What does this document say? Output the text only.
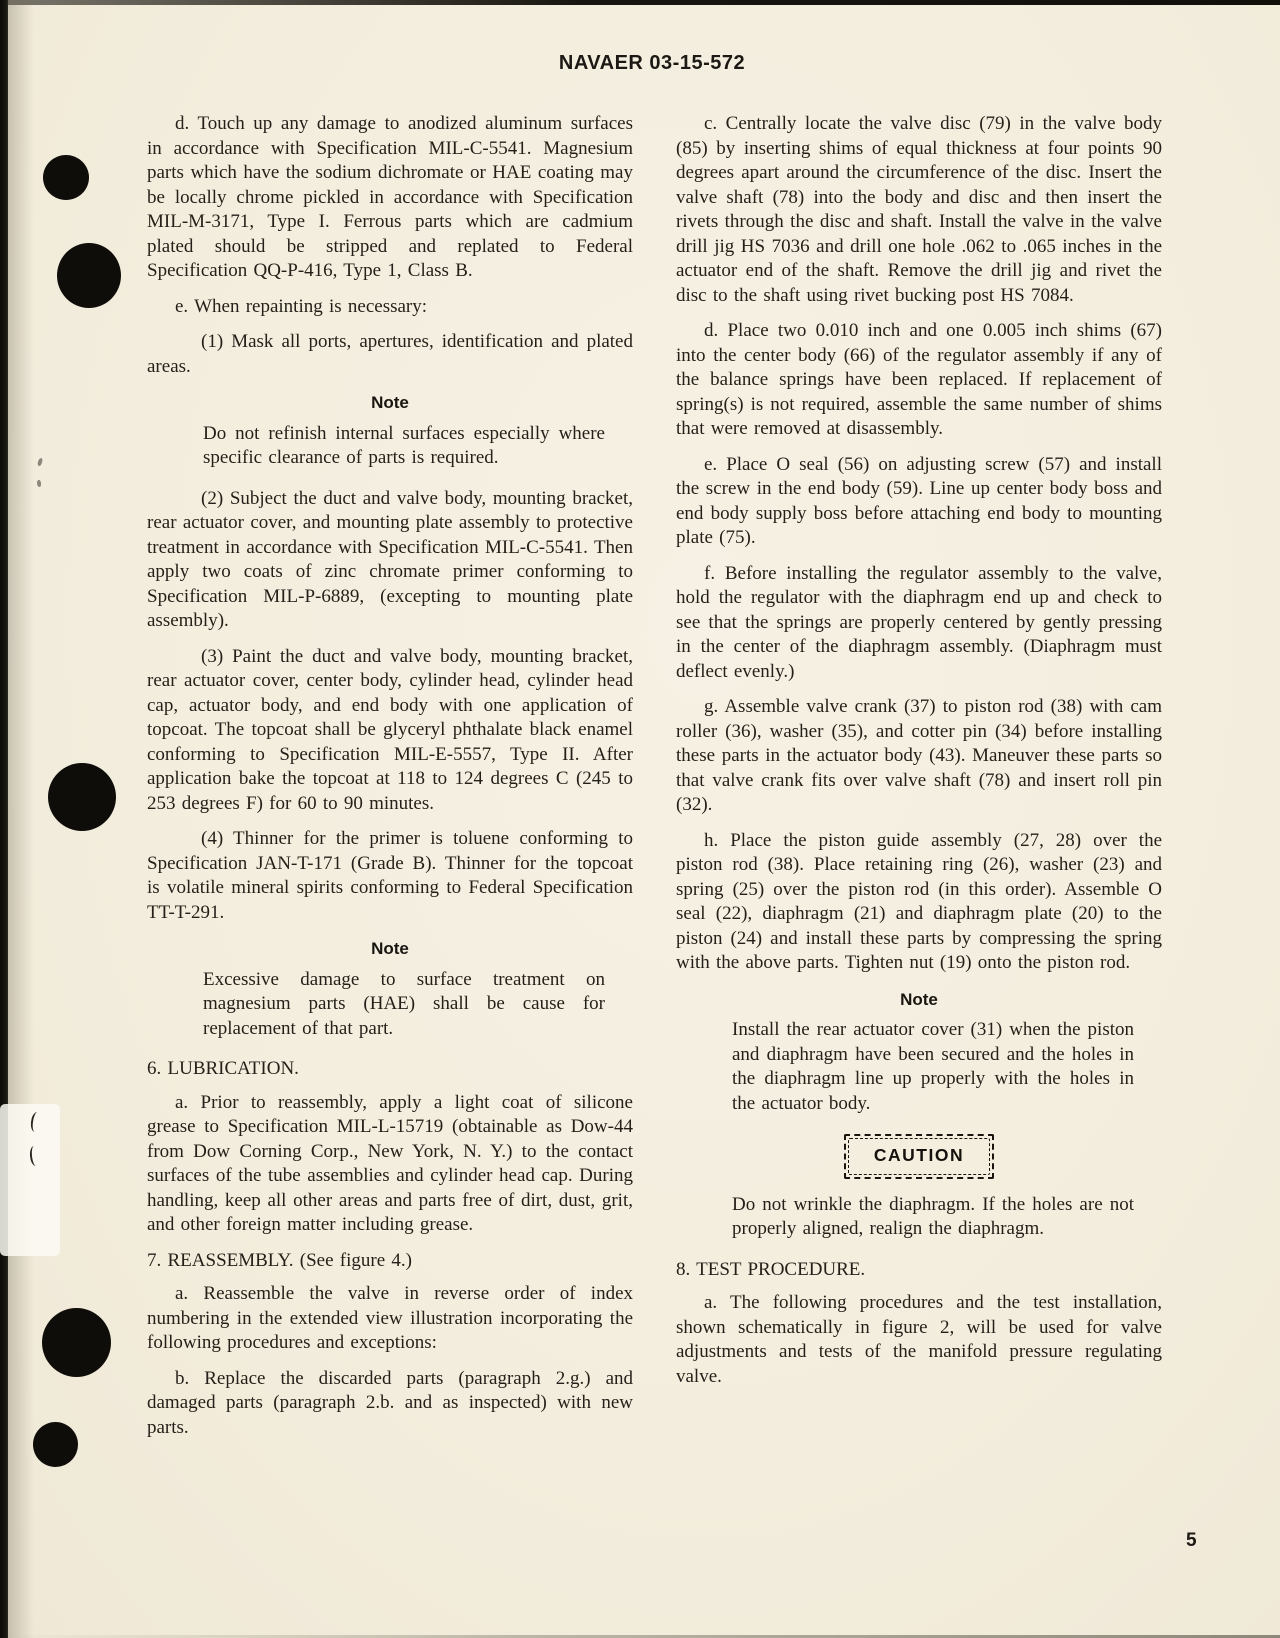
NAVAER 03-15-572

d. Touch up any damage to anodized aluminum surfaces in accordance with Specification MIL-C-5541. Magnesium parts which have the sodium dichromate or HAE coating may be locally chrome pickled in accordance with Specification MIL-M-3171, Type I. Ferrous parts which are cadmium plated should be stripped and replated to Federal Specification QQ-P-416, Type 1, Class B.

e. When repainting is necessary:

(1) Mask all ports, apertures, identification and plated areas.

Note

Do not refinish internal surfaces especially where specific clearance of parts is required.

(2) Subject the duct and valve body, mounting bracket, rear actuator cover, and mounting plate assembly to protective treatment in accordance with Specification MIL-C-5541. Then apply two coats of zinc chromate primer conforming to Specification MIL-P-6889, (excepting to mounting plate assembly).

(3) Paint the duct and valve body, mounting bracket, rear actuator cover, center body, cylinder head, cylinder head cap, actuator body, and end body with one application of topcoat. The topcoat shall be glyceryl phthalate black enamel conforming to Specification MIL-E-5557, Type II. After application bake the topcoat at 118 to 124 degrees C (245 to 253 degrees F) for 60 to 90 minutes.

(4) Thinner for the primer is toluene conforming to Specification JAN-T-171 (Grade B). Thinner for the topcoat is volatile mineral spirits conforming to Federal Specification TT-T-291.

Note

Excessive damage to surface treatment on magnesium parts (HAE) shall be cause for replacement of that part.

6. LUBRICATION.

a. Prior to reassembly, apply a light coat of silicone grease to Specification MIL-L-15719 (obtainable as Dow-44 from Dow Corning Corp., New York, N. Y.) to the contact surfaces of the tube assemblies and cylinder head cap. During handling, keep all other areas and parts free of dirt, dust, grit, and other foreign matter including grease.

7. REASSEMBLY. (See figure 4.)

a. Reassemble the valve in reverse order of index numbering in the extended view illustration incorporating the following procedures and exceptions:

b. Replace the discarded parts (paragraph 2.g.) and damaged parts (paragraph 2.b. and as inspected) with new parts.

c. Centrally locate the valve disc (79) in the valve body (85) by inserting shims of equal thickness at four points 90 degrees apart around the circumference of the disc. Insert the valve shaft (78) into the body and disc and then insert the rivets through the disc and shaft. Install the valve in the valve drill jig HS 7036 and drill one hole .062 to .065 inches in the actuator end of the shaft. Remove the drill jig and rivet the disc to the shaft using rivet bucking post HS 7084.

d. Place two 0.010 inch and one 0.005 inch shims (67) into the center body (66) of the regulator assembly if any of the balance springs have been replaced. If replacement of spring(s) is not required, assemble the same number of shims that were removed at disassembly.

e. Place O seal (56) on adjusting screw (57) and install the screw in the end body (59). Line up center body boss and end body supply boss before attaching end body to mounting plate (75).

f. Before installing the regulator assembly to the valve, hold the regulator with the diaphragm end up and check to see that the springs are properly centered by gently pressing in the center of the diaphragm assembly. (Diaphragm must deflect evenly.)

g. Assemble valve crank (37) to piston rod (38) with cam roller (36), washer (35), and cotter pin (34) before installing these parts in the actuator body (43). Maneuver these parts so that valve crank fits over valve shaft (78) and insert roll pin (32).

h. Place the piston guide assembly (27, 28) over the piston rod (38). Place retaining ring (26), washer (23) and spring (25) over the piston rod (in this order). Assemble O seal (22), diaphragm (21) and diaphragm plate (20) to the piston (24) and install these parts by compressing the spring with the above parts. Tighten nut (19) onto the piston rod.

Note

Install the rear actuator cover (31) when the piston and diaphragm have been secured and the holes in the diaphragm line up properly with the holes in the actuator body.

CAUTION

Do not wrinkle the diaphragm. If the holes are not properly aligned, realign the diaphragm.

8. TEST PROCEDURE.

a. The following procedures and the test installation, shown schematically in figure 2, will be used for valve adjustments and tests of the manifold pressure regulating valve.

5
